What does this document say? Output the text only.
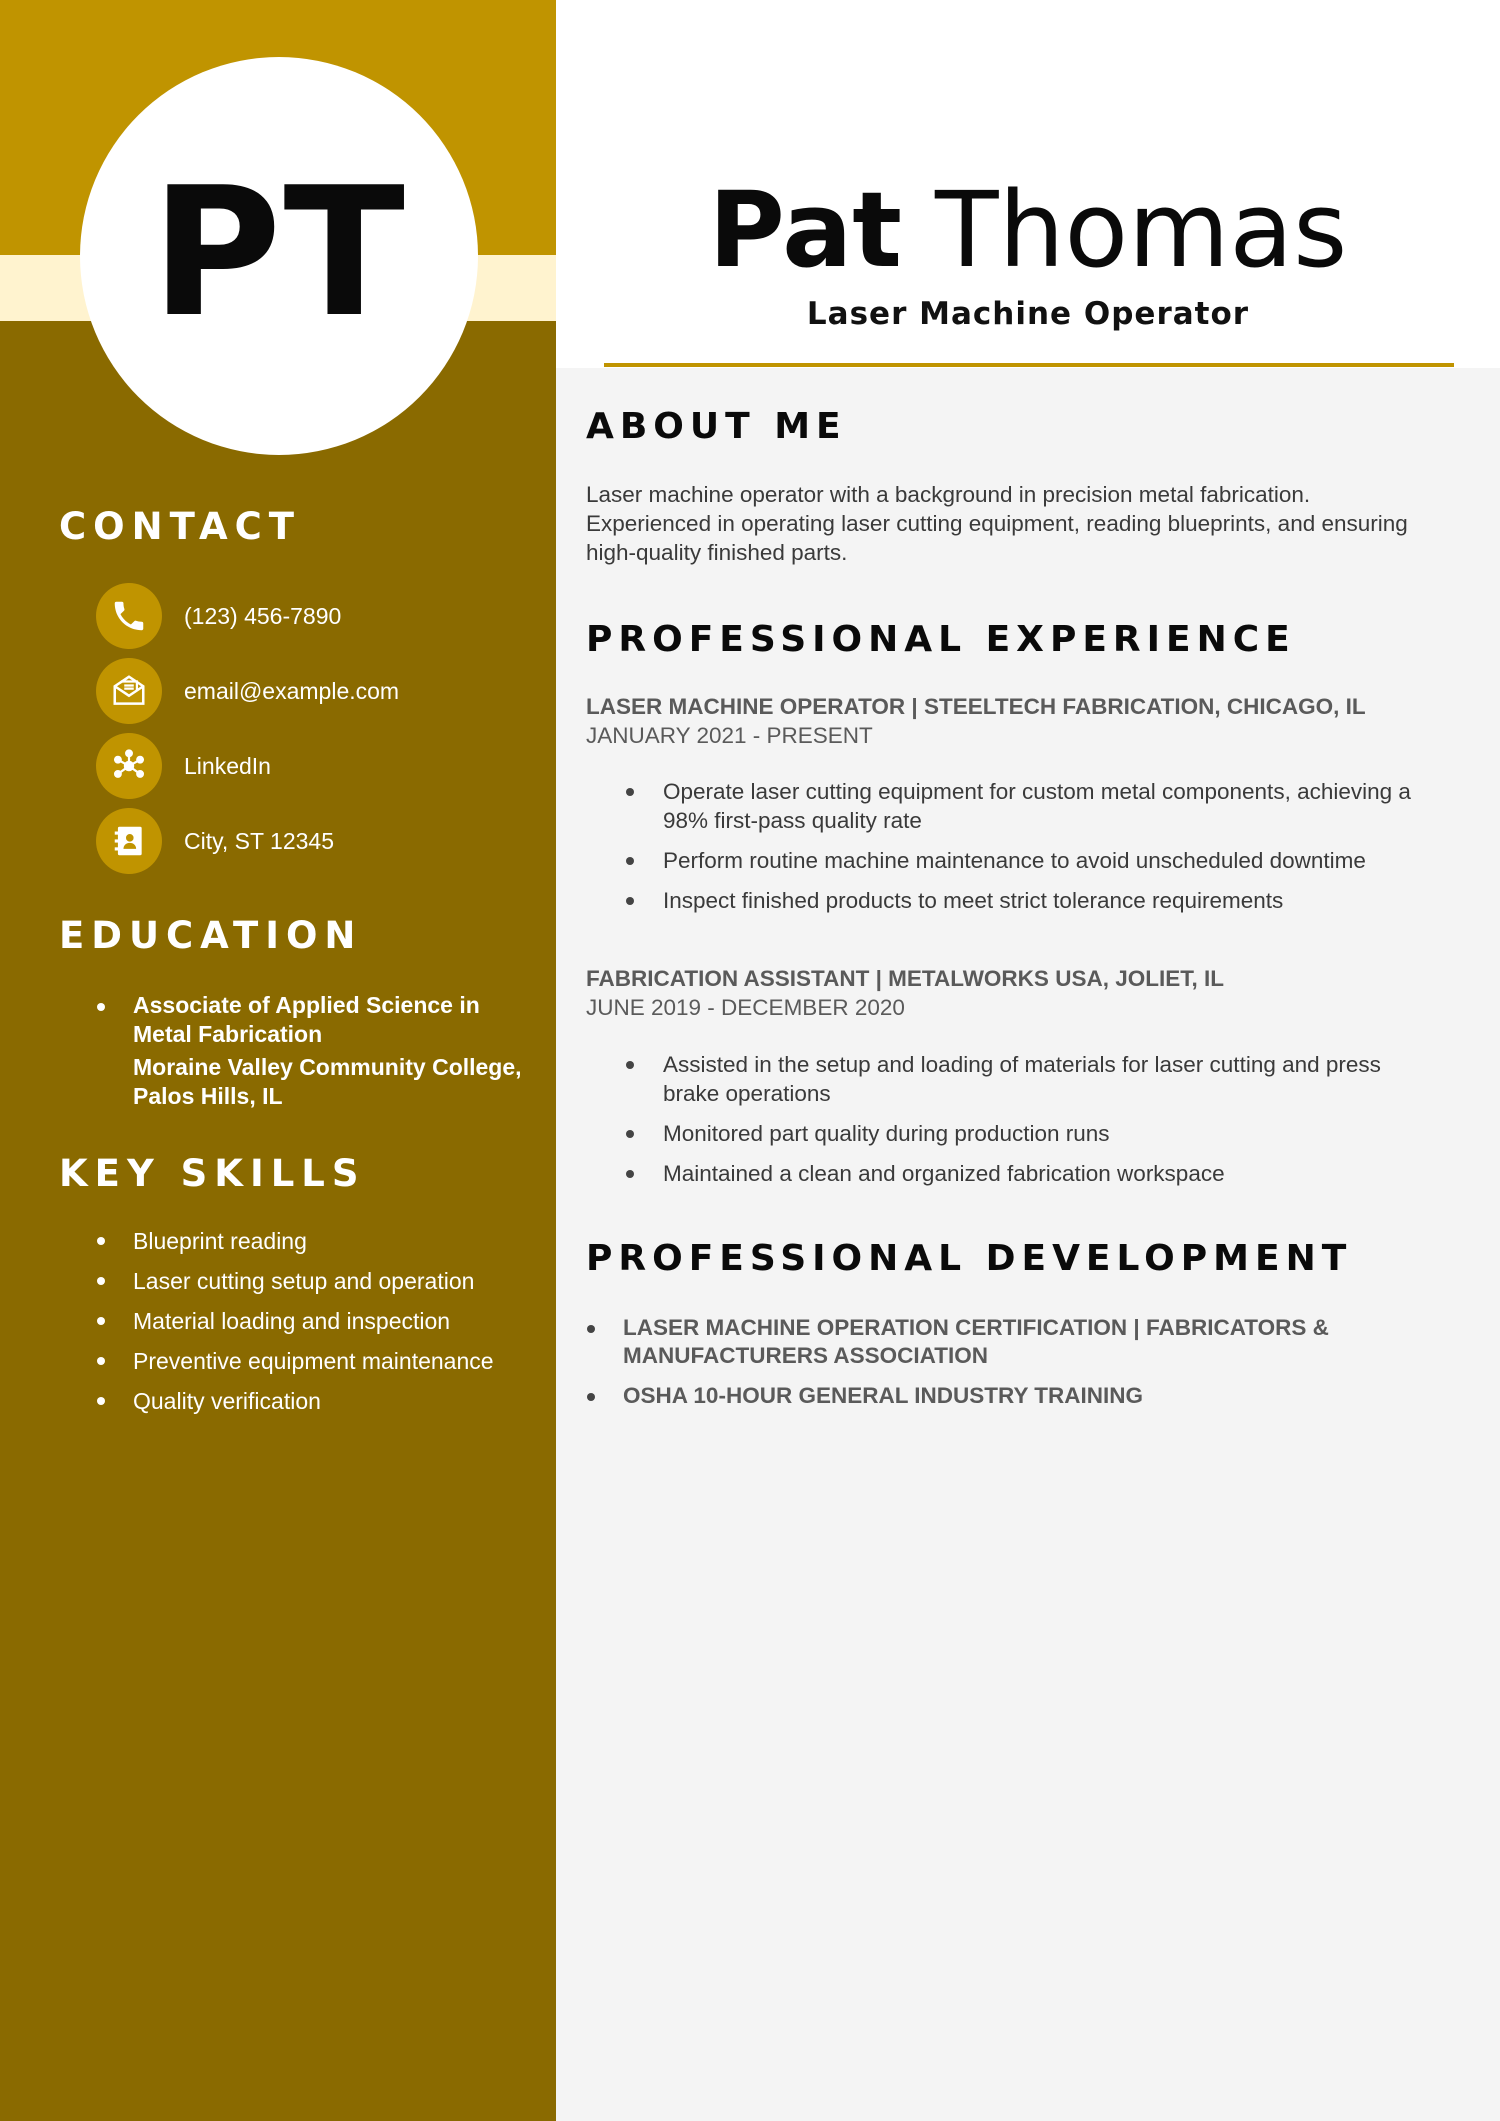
PT
CONTACT
(123) 456-7890
email@example.com
LinkedIn
City, ST 12345
EDUCATION
Associate of Applied Science in Metal Fabrication
Moraine Valley Community College, Palos Hills, IL
KEY SKILLS
Blueprint reading
Laser cutting setup and operation
Material loading and inspection
Preventive equipment maintenance
Quality verification
Pat Thomas
Laser Machine Operator
ABOUT ME
Laser machine operator with a background in precision metal fabrication. Experienced in operating laser cutting equipment, reading blueprints, and ensuring high-quality finished parts.
PROFESSIONAL EXPERIENCE
LASER MACHINE OPERATOR | STEELTECH FABRICATION, CHICAGO, IL
JANUARY 2021 - PRESENT
Operate laser cutting equipment for custom metal components, achieving a 98% first-pass quality rate
Perform routine machine maintenance to avoid unscheduled downtime
Inspect finished products to meet strict tolerance requirements
FABRICATION ASSISTANT | METALWORKS USA, JOLIET, IL
JUNE 2019 - DECEMBER 2020
Assisted in the setup and loading of materials for laser cutting and press brake operations
Monitored part quality during production runs
Maintained a clean and organized fabrication workspace
PROFESSIONAL DEVELOPMENT
LASER MACHINE OPERATION CERTIFICATION | FABRICATORS & MANUFACTURERS ASSOCIATION
OSHA 10-HOUR GENERAL INDUSTRY TRAINING
